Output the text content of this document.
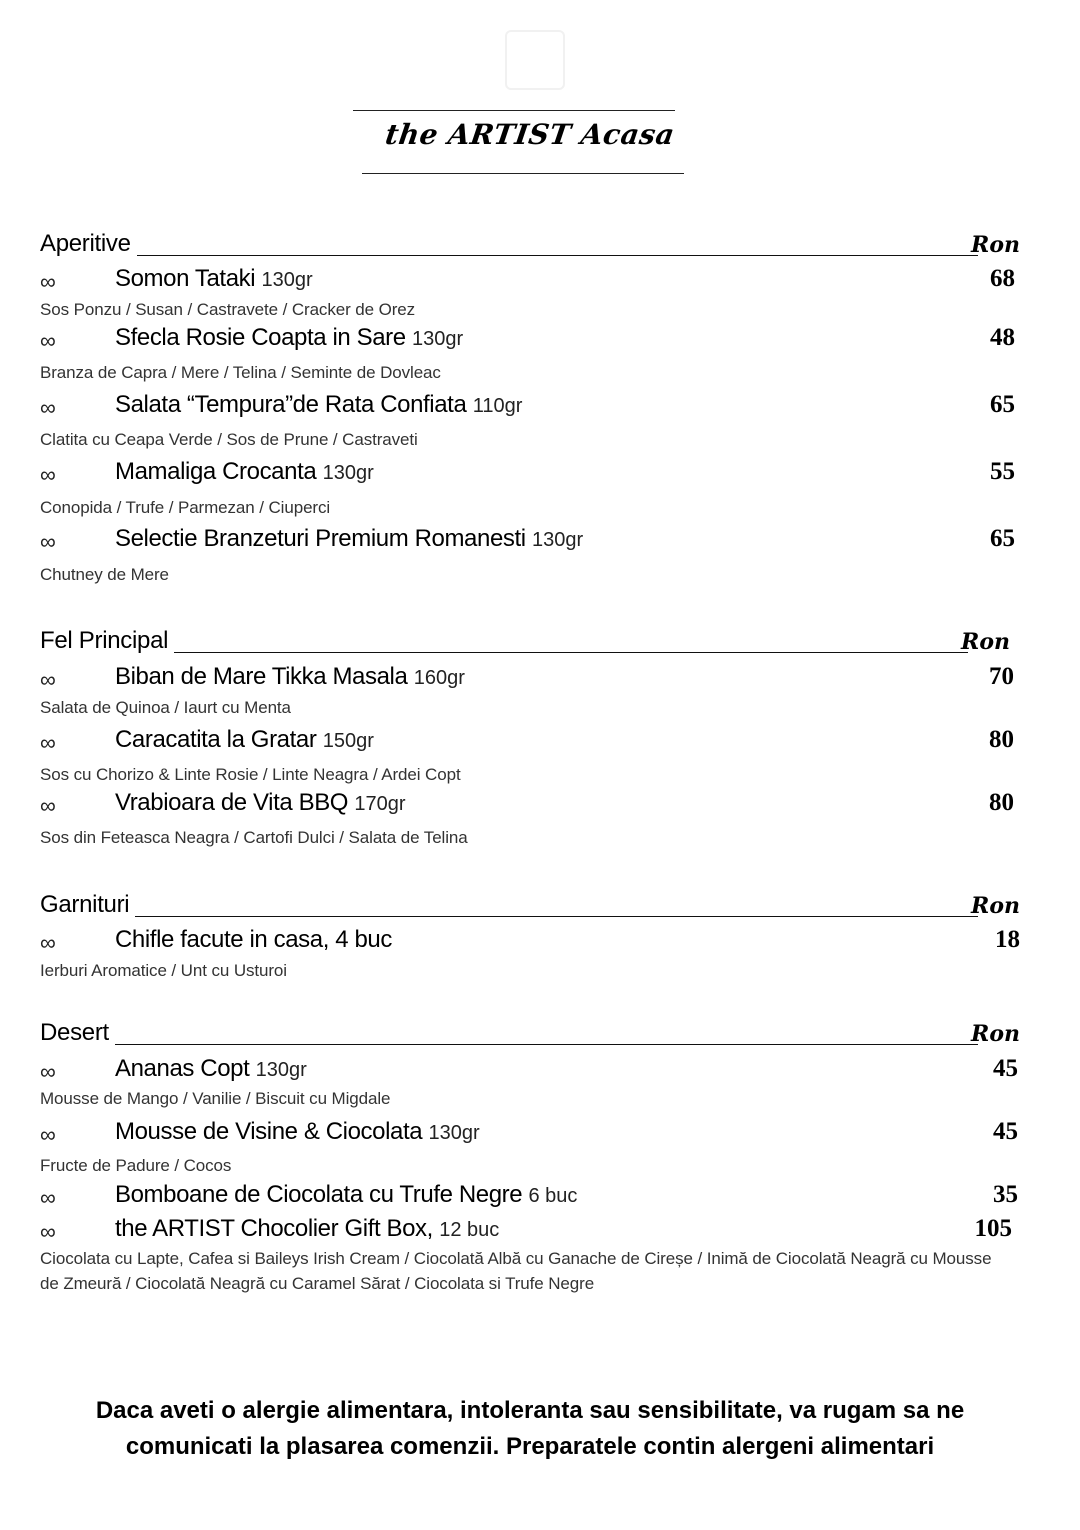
the ARTIST Acasa
Aperitive	Ron
∞ Somon Tataki 130gr	68
Sos Ponzu / Susan / Castravete / Cracker de Orez
∞ Sfecla Rosie Coapta in Sare 130gr	48
Branza de Capra / Mere / Telina / Seminte de Dovleac
∞ Salata “Tempura”de Rata Confiata 110gr	65
Clatita cu Ceapa Verde / Sos de Prune / Castraveti
∞ Mamaliga Crocanta 130gr	55
Conopida / Trufe / Parmezan / Ciuperci
∞ Selectie Branzeturi Premium Romanesti 130gr	65
Chutney de Mere
Fel Principal	Ron
∞ Biban de Mare Tikka Masala 160gr	70
Salata de Quinoa / Iaurt cu Menta
∞ Caracatita la Gratar 150gr	80
Sos cu Chorizo & Linte Rosie / Linte Neagra / Ardei Copt
∞ Vrabioara de Vita BBQ 170gr	80
Sos din Feteasca Neagra / Cartofi Dulci / Salata de Telina
Garnituri	Ron
∞ Chifle facute in casa, 4 buc	18
Ierburi Aromatice / Unt cu Usturoi
Desert	Ron
∞ Ananas Copt 130gr	45
Mousse de Mango / Vanilie / Biscuit cu Migdale
∞ Mousse de Visine & Ciocolata 130gr	45
Fructe de Padure / Cocos
∞ Bomboane de Ciocolata cu Trufe Negre 6 buc	35
∞ the ARTIST Chocolier Gift Box, 12 buc	105
Ciocolata cu Lapte, Cafea si Baileys Irish Cream / Ciocolată Albă cu Ganache de Cireșe / Inimă de Ciocolată Neagră cu Mousse de Zmeură / Ciocolată Neagră cu Caramel Sărat / Ciocolata si Trufe Negre
Daca aveti o alergie alimentara, intoleranta sau sensibilitate, va rugam sa ne
comunicati la plasarea comenzii. Preparatele contin alergeni alimentari
